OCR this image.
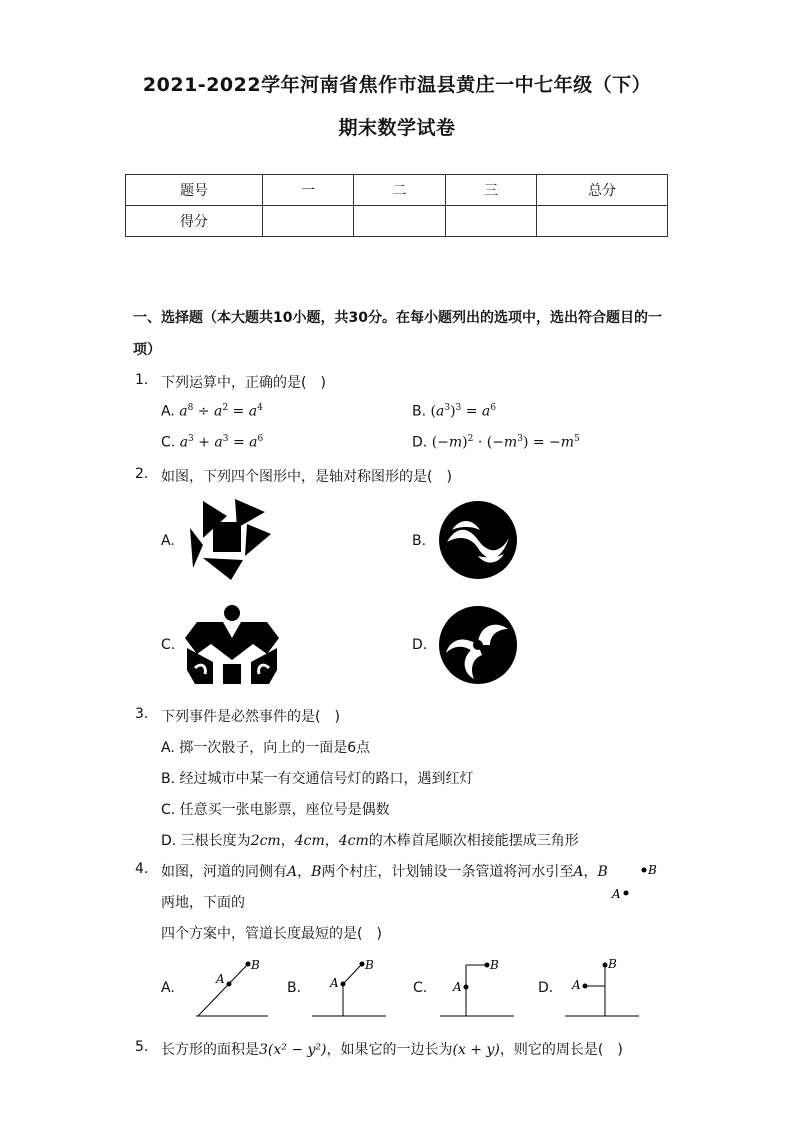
2021-2022学年河南省焦作市温县黄庄一中七年级（下）
期末数学试卷
题号	一	二	三	总分
得分				
一、选择题（本大题共10小题，共30分。在每小题列出的选项中，选出符合题目的一项）
1. 下列运算中，正确的是(　)
A. $a^8 \div a^2 = a^4$	B. $(a^3)^3 = a^6$
C. $a^3 + a^3 = a^6$	D. $(-m)^2 \cdot (-m^3) = -m^5$
2. 如图，下列四个图形中，是轴对称图形的是(　)
A.	B.
C.	D.
3. 下列事件是必然事件的是(　)
A. 掷一次骰子，向上的一面是6点
B. 经过城市中某一有交通信号灯的路口，遇到红灯
C. 任意买一张电影票，座位号是偶数
D. 三根长度为2cm，4cm，4cm的木棒首尾顺次相接能摆成三角形
4. 如图，河道的同侧有A，B两个村庄，计划铺设一条管道将河水引至A，B
两地，下面的
四个方案中，管道长度最短的是(　)
B
A
A.
A
B
B. A
B
C. A
B
D. A
B
5. 长方形的面积是3(x² − y²)，如果它的一边长为(x + y)，则它的周长是(　)
